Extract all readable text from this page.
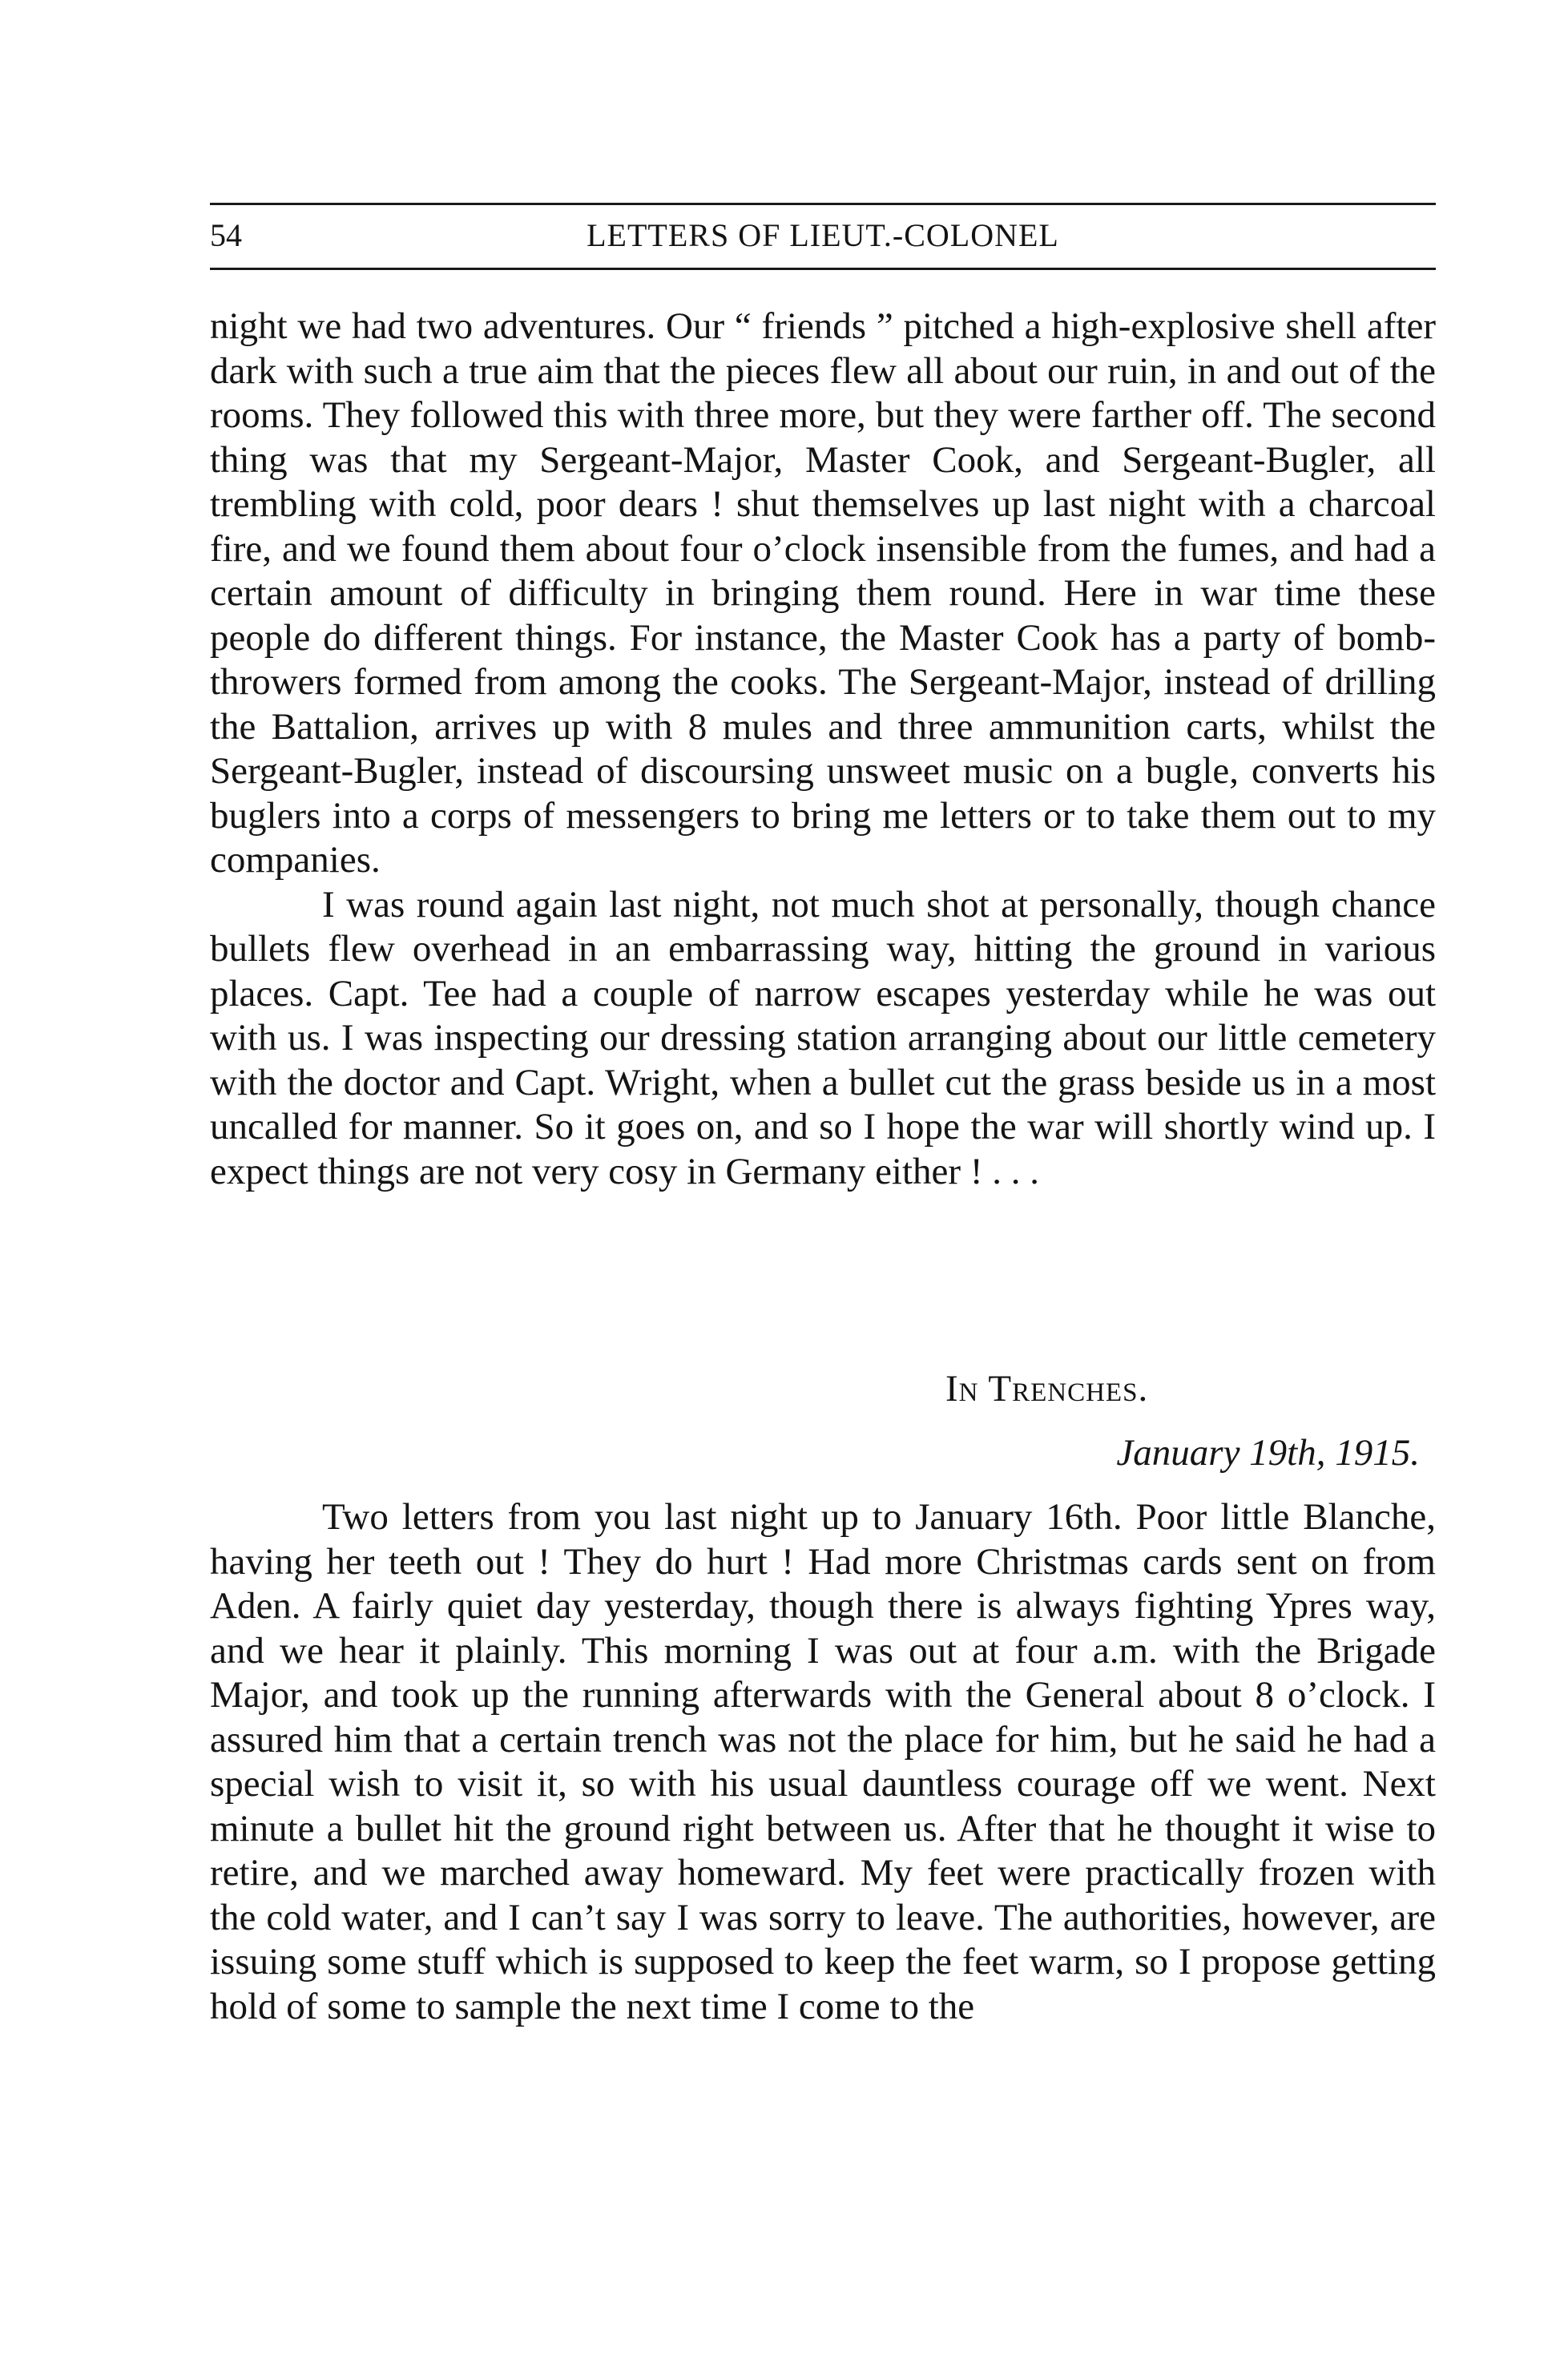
54	LETTERS OF LIEUT.-COLONEL

night we had two adventures. Our “ friends ” pitched a high-explosive shell after dark with such a true aim that the pieces flew all about our ruin, in and out of the rooms. They followed this with three more, but they were farther off. The second thing was that my Sergeant-Major, Master Cook, and Sergeant-Bugler, all trembling with cold, poor dears ! shut themselves up last night with a charcoal fire, and we found them about four o’clock insensible from the fumes, and had a certain amount of difficulty in bringing them round. Here in war time these people do different things. For instance, the Master Cook has a party of bomb-throwers formed from among the cooks. The Sergeant-Major, instead of drilling the Battalion, arrives up with 8 mules and three ammunition carts, whilst the Sergeant-Bugler, instead of discoursing unsweet music on a bugle, converts his buglers into a corps of messengers to bring me letters or to take them out to my companies.

I was round again last night, not much shot at personally, though chance bullets flew overhead in an embarrassing way, hitting the ground in various places. Capt. Tee had a couple of narrow escapes yesterday while he was out with us. I was inspecting our dressing station arranging about our little cemetery with the doctor and Capt. Wright, when a bullet cut the grass beside us in a most uncalled for manner. So it goes on, and so I hope the war will shortly wind up. I expect things are not very cosy in Germany either ! . . .

In Trenches.
January 19th, 1915.

Two letters from you last night up to January 16th. Poor little Blanche, having her teeth out ! They do hurt ! Had more Christmas cards sent on from Aden. A fairly quiet day yesterday, though there is always fighting Ypres way, and we hear it plainly. This morning I was out at four a.m. with the Brigade Major, and took up the running afterwards with the General about 8 o’clock. I assured him that a certain trench was not the place for him, but he said he had a special wish to visit it, so with his usual dauntless courage off we went. Next minute a bullet hit the ground right between us. After that he thought it wise to retire, and we marched away homeward. My feet were practically frozen with the cold water, and I can’t say I was sorry to leave. The authorities, however, are issuing some stuff which is supposed to keep the feet warm, so I propose getting hold of some to sample the next time I come to the
